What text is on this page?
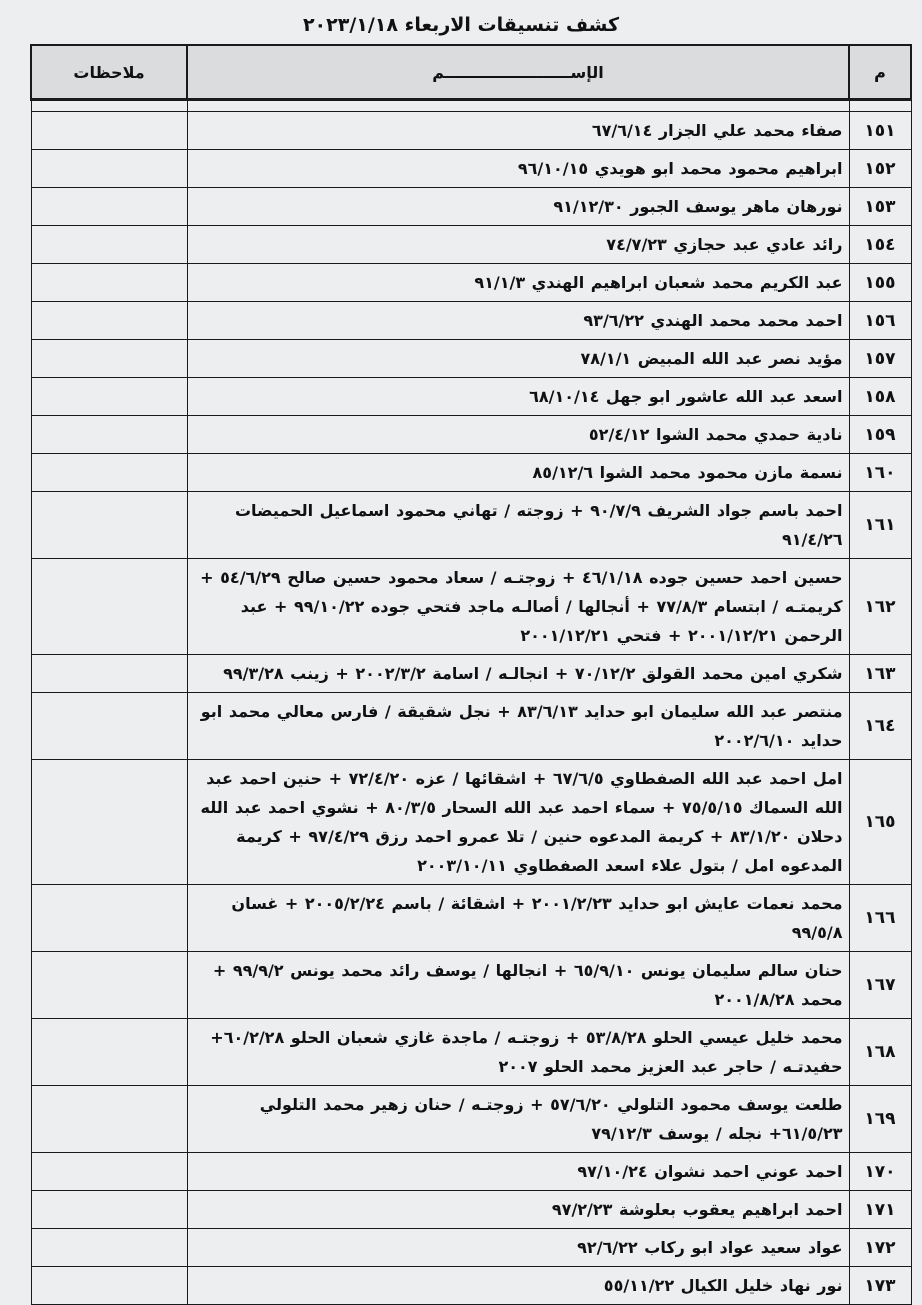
كشف تنسيقات الاربعاء ٢٠٢٣/١/١٨
م	الإســـــــــــــــــــــــم	ملاحظات

١٥١	صفاء محمد علي الجزار ٦٧/٦/١٤	
١٥٢	ابراهيم محمود محمد ابو هويدي ٩٦/١٠/١٥	
١٥٣	نورهان ماهر يوسف الجبور ٩١/١٢/٣٠	
١٥٤	رائد عادي عبد حجازي ٧٤/٧/٢٣	
١٥٥	عبد الكريم محمد شعبان ابراهيم الهندي ٩١/١/٣	
١٥٦	احمد محمد محمد الهندي ٩٣/٦/٢٢	
١٥٧	مؤيد نصر عبد الله المبيض ٧٨/١/١	
١٥٨	اسعد عبد الله عاشور ابو جهل ٦٨/١٠/١٤	
١٥٩	نادية حمدي محمد الشوا ٥٢/٤/١٢	
١٦٠	نسمة مازن محمود محمد الشوا ٨٥/١٢/٦	
١٦١	احمد باسم جواد الشريف ٩٠/٧/٩ + زوجته / تهاني محمود اسماعيل الحميضات ٩١/٤/٢٦	
١٦٢	حسين احمد حسين جوده ٤٦/١/١٨ + زوجتـه / سعاد محمود حسين صالح ٥٤/٦/٢٩ + كريمتـه / ابتسام ٧٧/٨/٣ + أنجالها / أصالـه ماجد فتحي جوده ٩٩/١٠/٢٢ + عبد الرحمن ٢٠٠١/١٢/٢١ + فتحي ٢٠٠١/١٢/٢١	
١٦٣	شكري امين محمد القولق ٧٠/١٢/٢ + انجالـه / اسامة ٢٠٠٢/٣/٢ + زينب ٩٩/٣/٢٨	
١٦٤	منتصر عبد الله سليمان ابو حدايد ٨٣/٦/١٣ + نجل شقيقة / فارس معالي محمد ابو حدايد ٢٠٠٢/٦/١٠	
١٦٥	امل احمد عبد الله الصفطاوي ٦٧/٦/٥ + اشقائها / عزه ٧٢/٤/٢٠ + حنين احمد عبد الله السماك ٧٥/٥/١٥ + سماء احمد عبد الله السحار ٨٠/٣/٥ + نشوي احمد عبد الله دحلان ٨٣/١/٢٠ + كريمة المدعوه حنين / تلا عمرو احمد رزق ٩٧/٤/٢٩ + كريمة المدعوه امل / بتول علاء اسعد الصفطاوي ٢٠٠٣/١٠/١١	
١٦٦	محمد نعمات عايش ابو حدايد ٢٠٠١/٢/٢٣ + اشقائة / باسم ٢٠٠٥/٢/٢٤ + غسان ٩٩/٥/٨	
١٦٧	حنان سالم سليمان يونس ٦٥/٩/١٠ + انجالها / يوسف رائد محمد يونس ٩٩/٩/٢ + محمد ٢٠٠١/٨/٢٨	
١٦٨	محمد خليل عيسي الحلو ٥٣/٨/٢٨ + زوجتـه / ماجدة غازي شعبان الحلو ٦٠/٢/٢٨+ حفيدتـه / حاجر عبد العزيز محمد الحلو ٢٠٠٧	
١٦٩	طلعت يوسف محمود التلولي ٥٧/٦/٢٠ + زوجتـه / حنان زهير محمد التلولي ٦١/٥/٢٣+ نجله / يوسف ٧٩/١٢/٣	
١٧٠	احمد عوني احمد نشوان ٩٧/١٠/٢٤	
١٧١	احمد ابراهيم يعقوب بعلوشة ٩٧/٢/٢٣	
١٧٢	عواد سعيد عواد ابو ركاب ٩٢/٦/٢٢	
١٧٣	نور نهاد خليل الكيال ٥٥/١١/٢٢	
